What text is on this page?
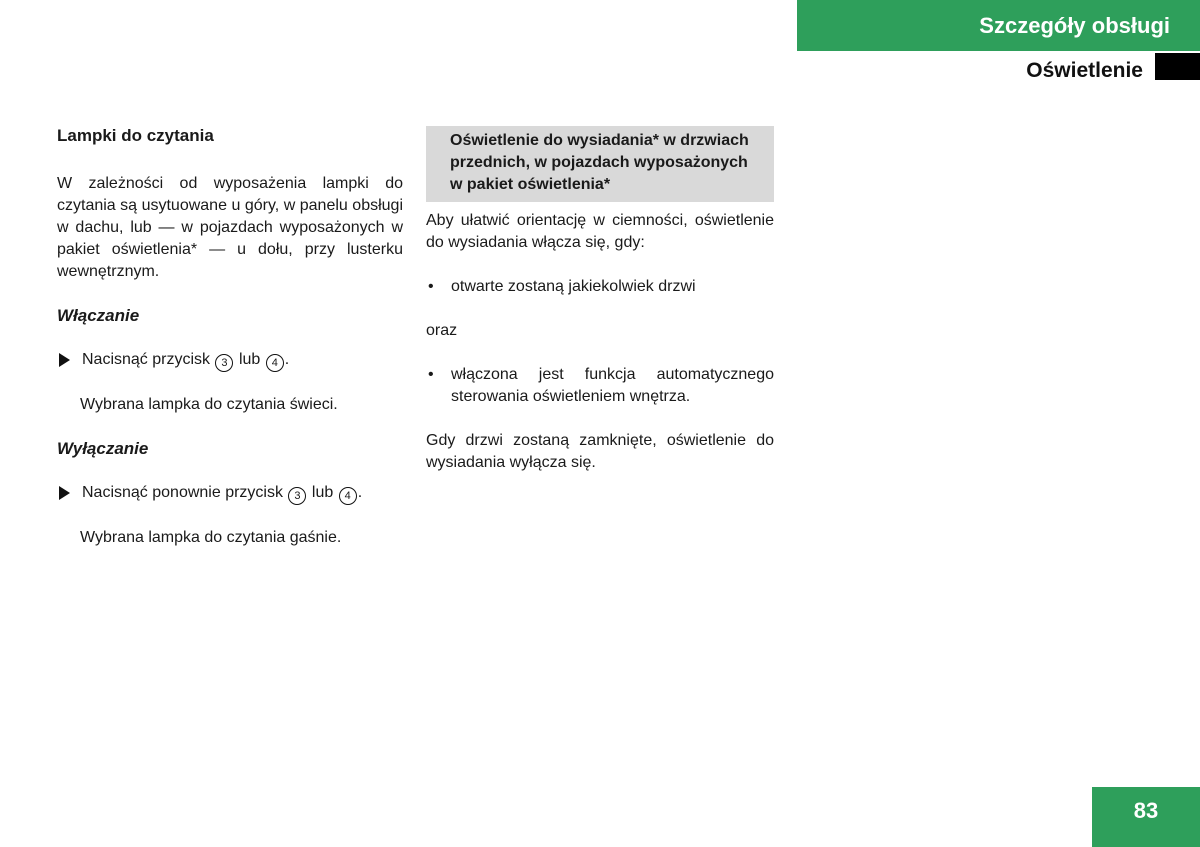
Szczegóły obsługi
Oświetlenie
Lampki do czytania

W zależności od wyposażenia lampki do czytania są usytuowane u góry, w panelu obsługi w dachu, lub — w pojazdach wyposażonych w pakiet oświetlenia* — u dołu, przy lusterku wewnętrznym.

Włączanie
Nacisnąć przycisk 3 lub 4 .
Wybrana lampka do czytania świeci.
Wyłączanie
Nacisnąć ponownie przycisk 3 lub 4 .
Wybrana lampka do czytania gaśnie.
Oświetlenie do wysiadania* w drzwiach przednich, w pojazdach wyposażonych w pakiet oświetlenia*

Aby ułatwić orientację w ciemności, oświetlenie do wysiadania włącza się, gdy:

•	otwarte zostaną jakiekolwiek drzwi

oraz

•	włączona jest funkcja automatycznego sterowania oświetleniem wnętrza.

Gdy drzwi zostaną zamknięte, oświetlenie do wysiadania wyłącza się.

83
